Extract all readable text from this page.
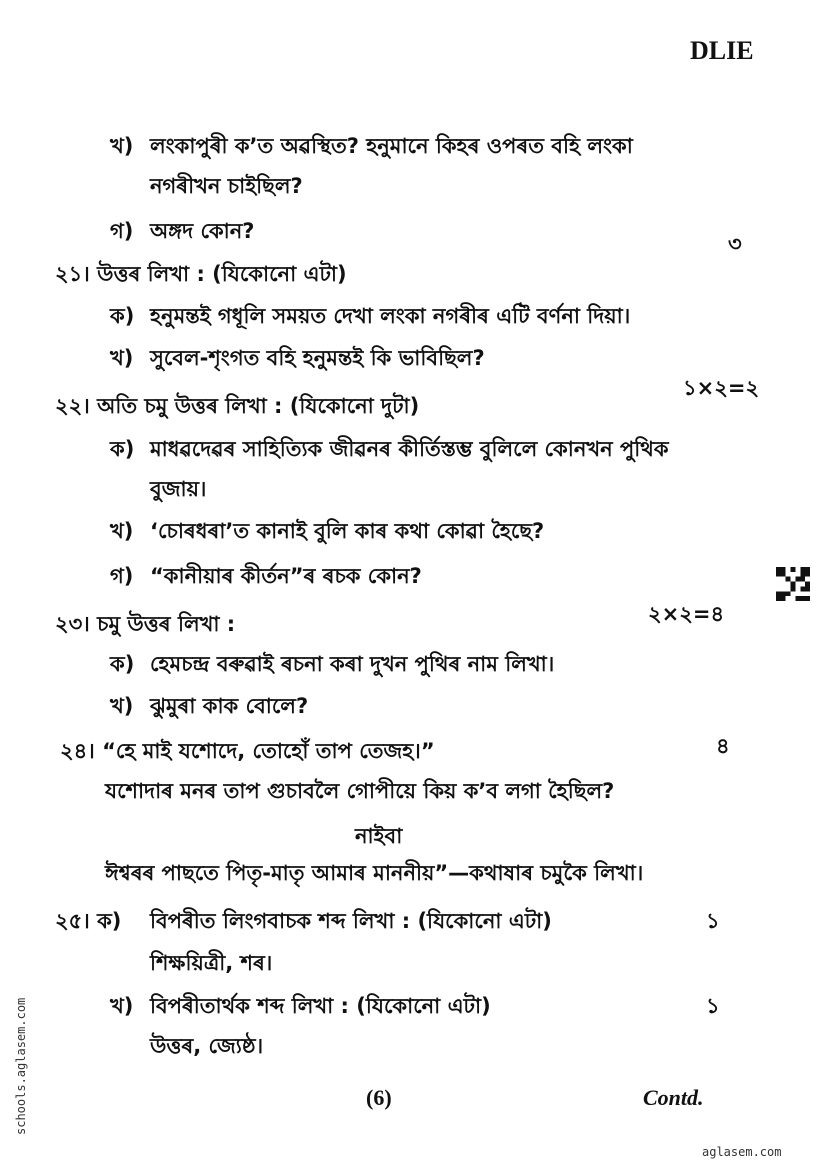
DLIE
খ) লংকাপুৰী ক’ত অৱস্থিত? হনুমানে কিহৰ ওপৰত বহি লংকা
নগৰীখন চাইছিল?
গ) অঙ্গদ কোন?
৩
২১। উত্তৰ লিখা : (যিকোনো এটা)
ক) হনুমন্তই গধূলি সময়ত দেখা লংকা নগৰীৰ এটি বৰ্ণনা দিয়া।
খ) সুবেল-শৃংগত বহি হনুমন্তই কি ভাবিছিল?
১×২=২
২২। অতি চমু উত্তৰ লিখা : (যিকোনো দুটা)
ক) মাধৱদেৱৰ সাহিত্যিক জীৱনৰ কীৰ্তিস্তম্ভ বুলিলে কোনখন পুথিক
বুজায়।
খ) ‘চোৰধৰা’ত কানাই বুলি কাৰ কথা কোৱা হৈছে?
গ) “কানীয়াৰ কীৰ্তন”ৰ ৰচক কোন?
২×২=৪
২৩। চমু উত্তৰ লিখা :
ক) হেমচন্দ্ৰ বৰুৱাই ৰচনা কৰা দুখন পুথিৰ নাম লিখা।
খ) ঝুমুৰা কাক বোলে?
২৪। “হে মাই যশোদে, তোহোঁ তাপ তেজহ।”	৪
যশোদাৰ মনৰ তাপ গুচাবলৈ গোপীয়ে কিয় ক’ব লগা হৈছিল?
নাইবা
ঈশ্বৰৰ পাছতে পিতৃ-মাতৃ আমাৰ মাননীয়”—কথাষাৰ চমুকৈ লিখা।
২৫। ক) বিপৰীত লিংগবাচক শব্দ লিখা : (যিকোনো এটা)	১
শিক্ষয়িত্ৰী, শৰ।
খ) বিপৰীতাৰ্থক শব্দ লিখা : (যিকোনো এটা)	১
উত্তৰ, জ্যেষ্ঠ।
(6)	Contd.
schools.aglasem.com
aglasem.com
